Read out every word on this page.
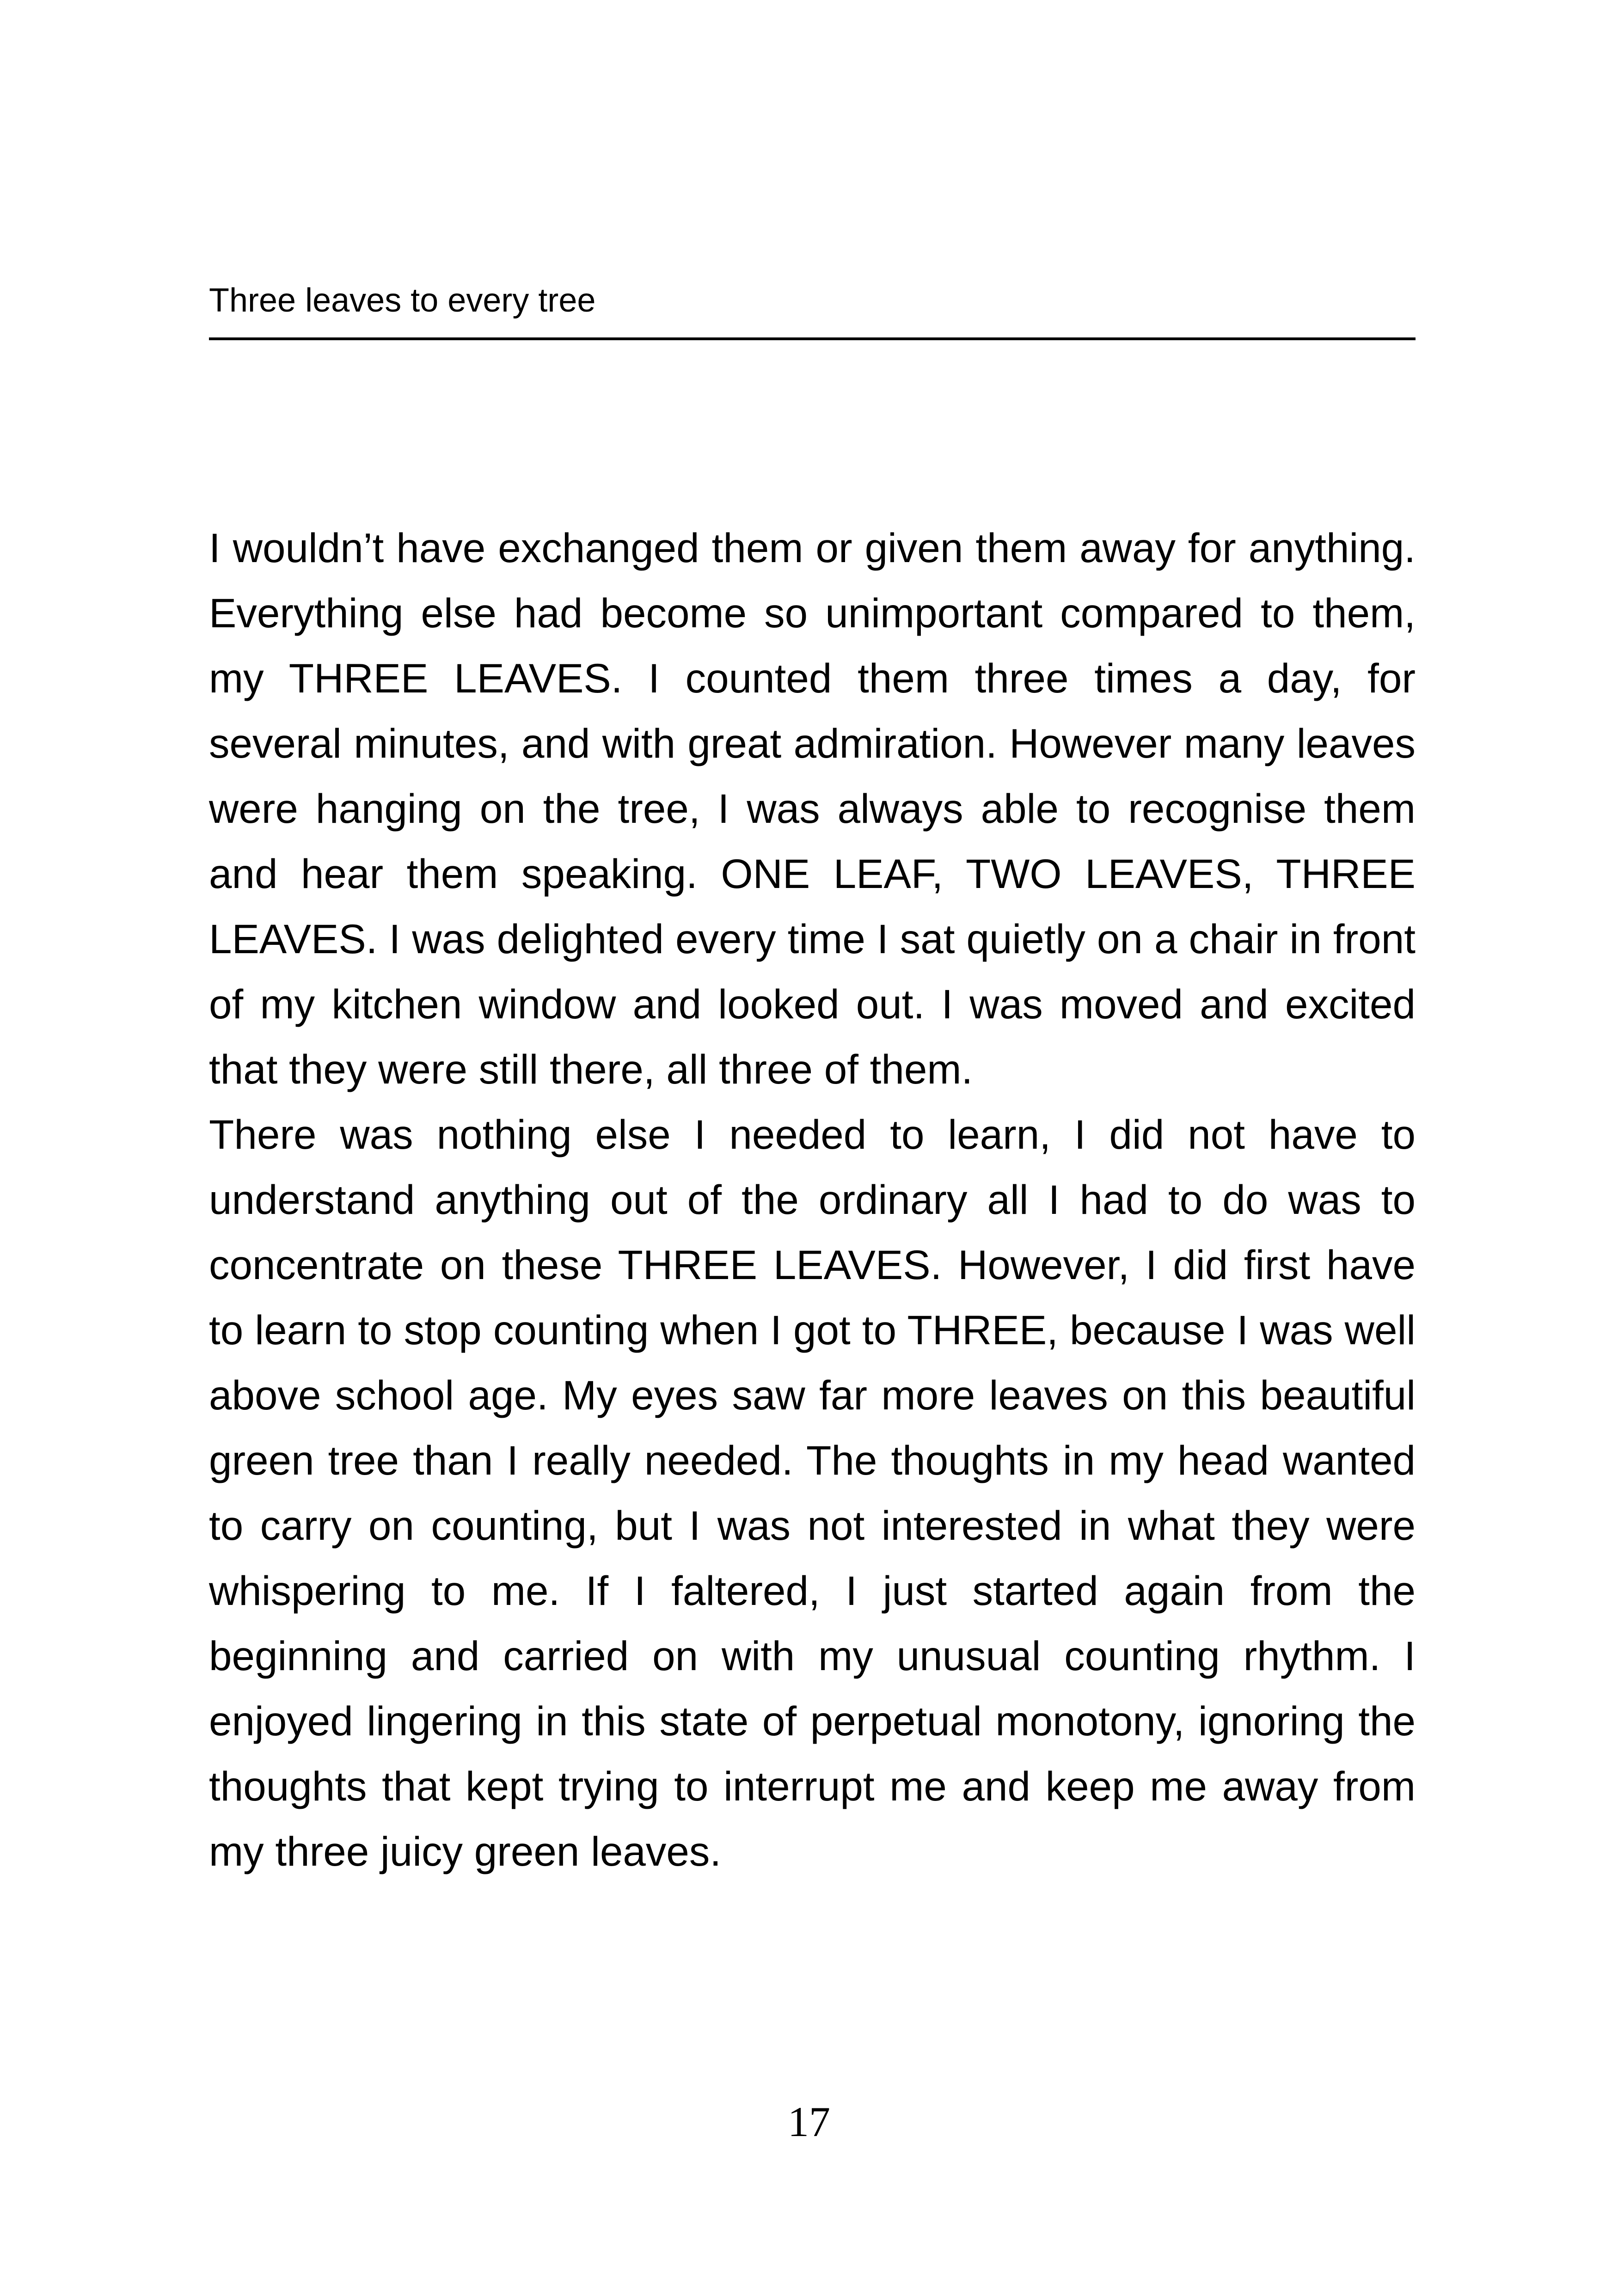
Three leaves to every tree

I wouldn’t have exchanged them or given them away for anything. Everything else had become so unimportant compared to them, my THREE LEAVES. I counted them three times a day, for several minutes, and with great admiration. However many leaves were hanging on the tree, I was always able to recognise them and hear them speaking. ONE LEAF, TWO LEAVES, THREE LEAVES. I was delighted every time I sat quietly on a chair in front of my kitchen window and looked out. I was moved and excited that they were still there, all three of them.

There was nothing else I needed to learn, I did not have to understand anything out of the ordinary all I had to do was to concentrate on these THREE LEAVES. However, I did first have to learn to stop counting when I got to THREE, because I was well above school age. My eyes saw far more leaves on this beautiful green tree than I really needed. The thoughts in my head wanted to carry on counting, but I was not interested in what they were whispering to me. If I faltered, I just started again from the beginning and carried on with my unusual counting rhythm. I enjoyed lingering in this state of perpetual monotony, ignoring the thoughts that kept trying to interrupt me and keep me away from my three juicy green leaves.

17
